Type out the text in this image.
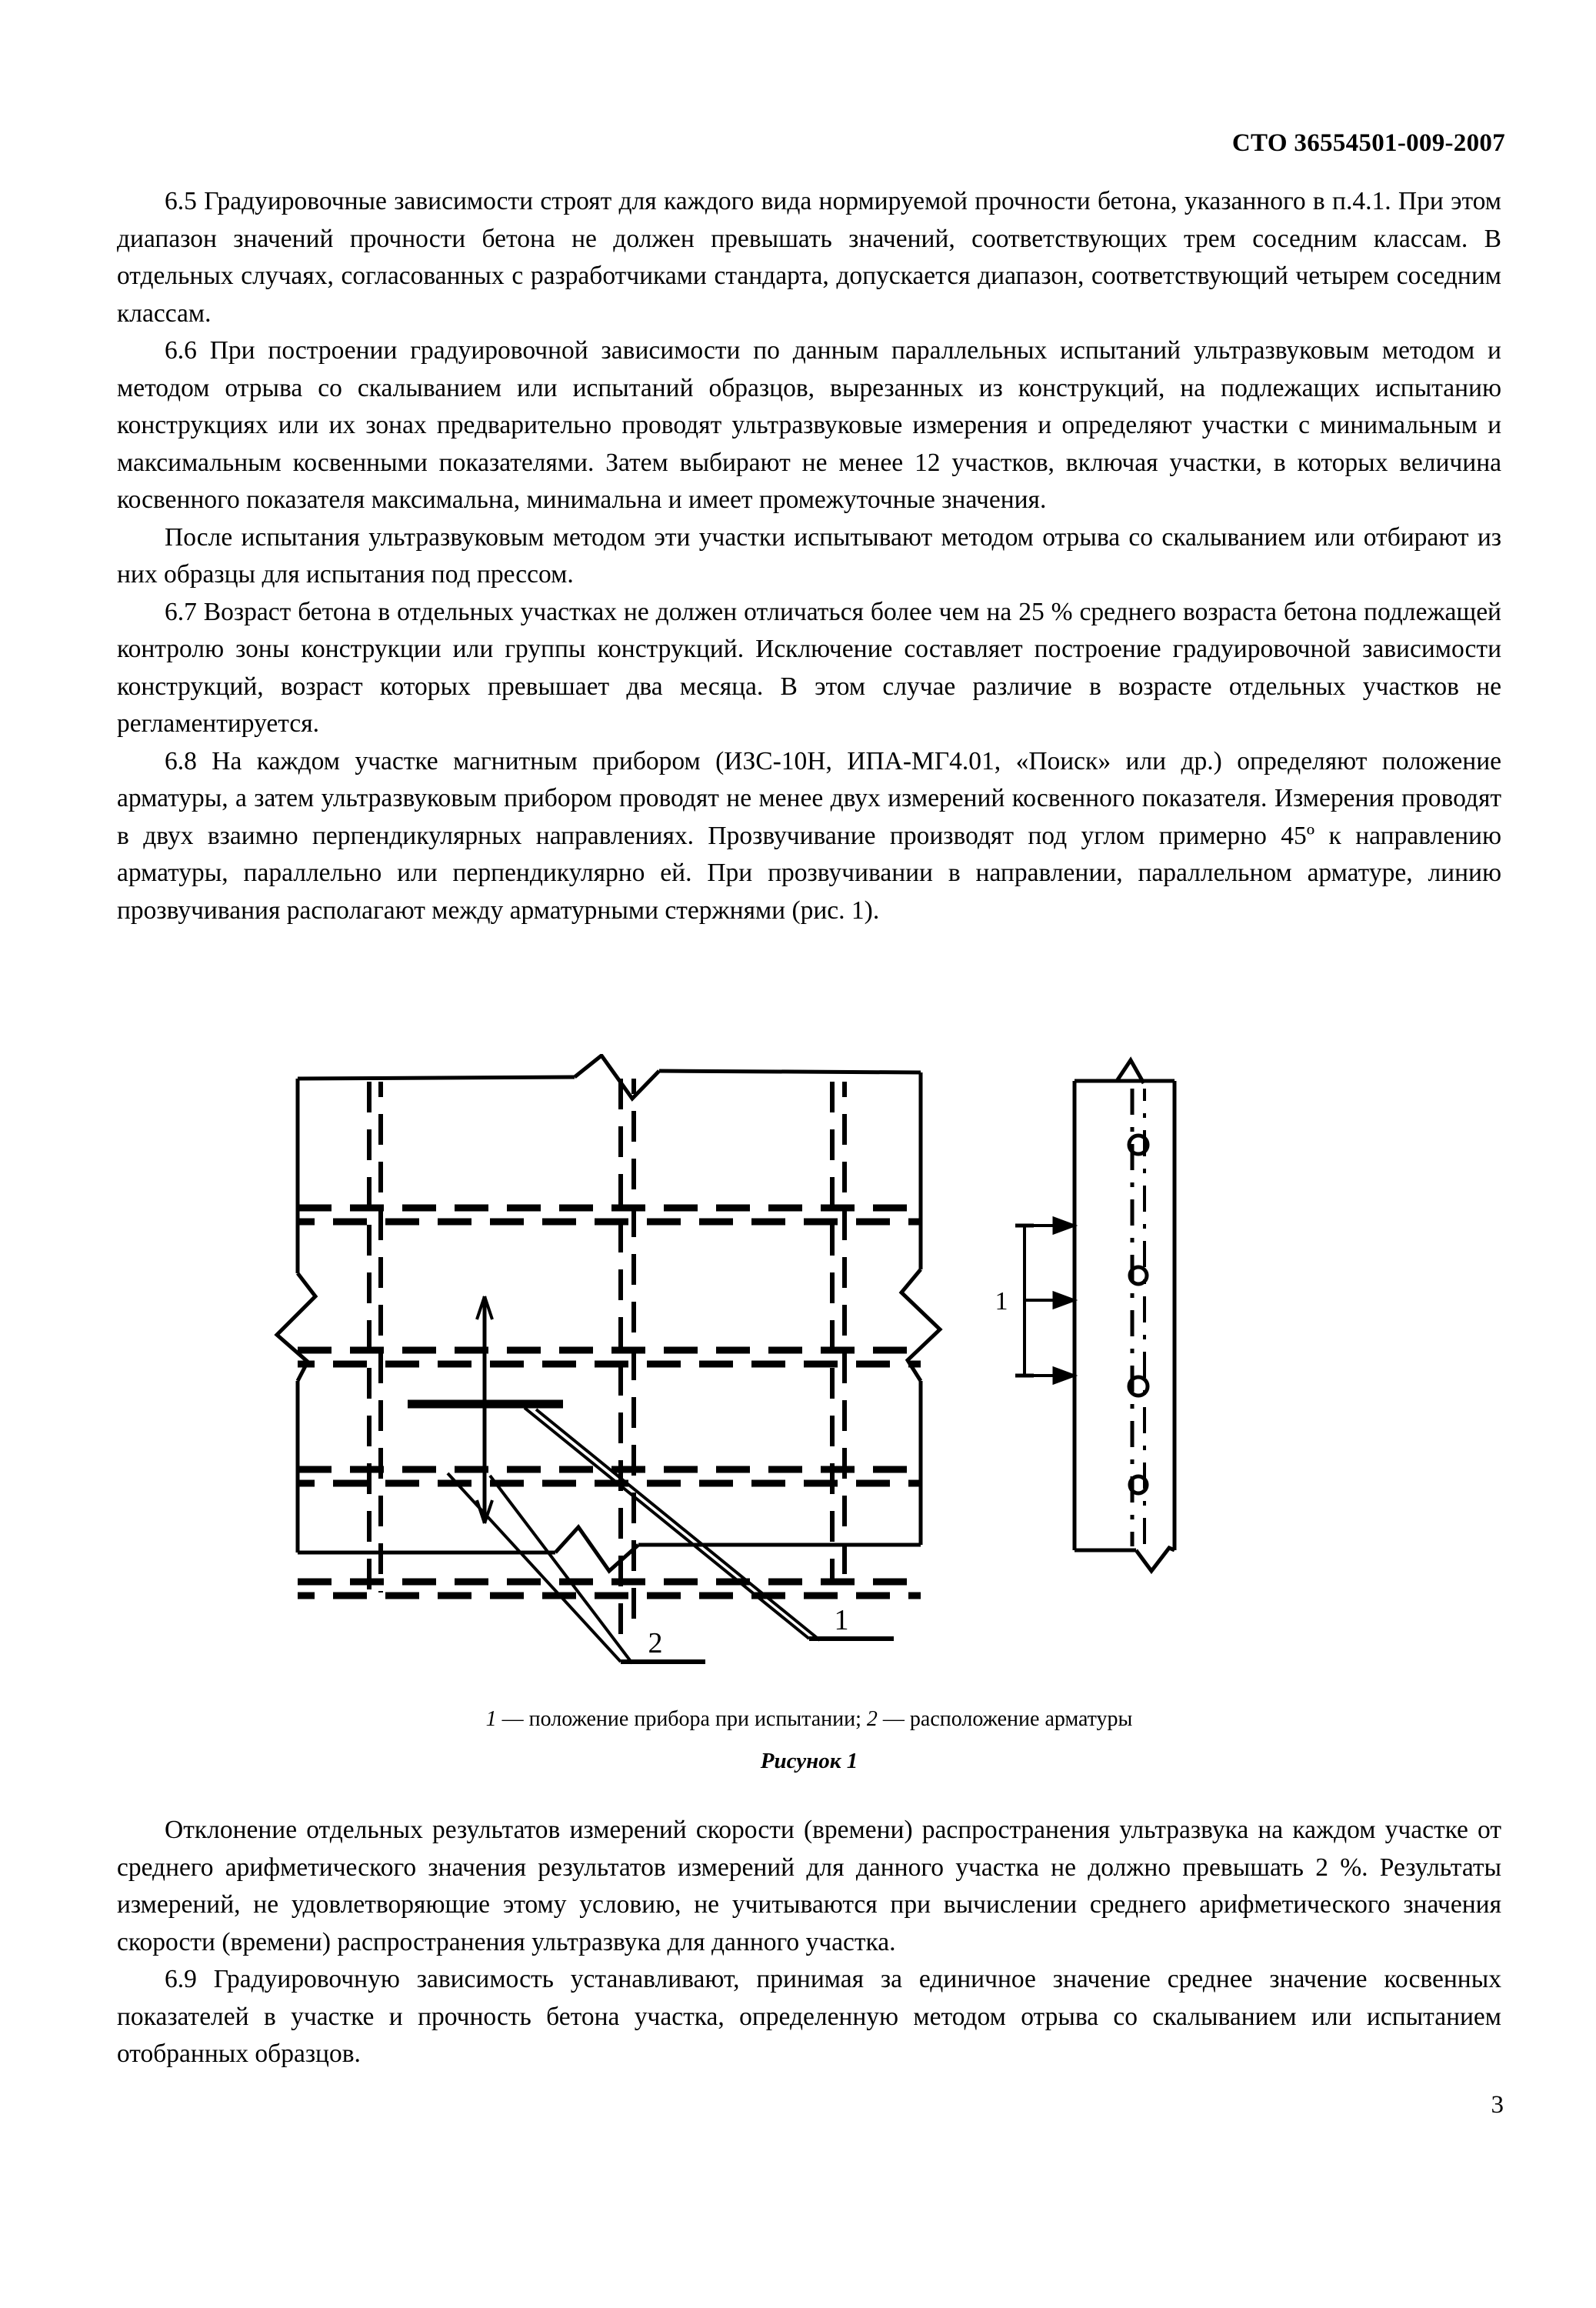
СТО 36554501-009-2007

6.5 Градуировочные зависимости строят для каждого вида нормируемой прочности бетона, указанного в п.4.1. При этом диапазон значений прочности бетона не должен превышать значений, соответствующих трем соседним классам. В отдельных случаях, согласованных с разработчиками стандарта, допускается диапазон, соответствующий четырем соседним классам.

6.6 При построении градуировочной зависимости по данным параллельных испытаний ультразвуковым методом и методом отрыва со скалыванием или испытаний образцов, вырезанных из конструкций, на подлежащих испытанию конструкциях или их зонах предварительно проводят ультразвуковые измерения и определяют участки с минимальным и максимальным косвенными показателями. Затем выбирают не менее 12 участков, включая участки, в которых величина косвенного показателя максимальна, минимальна и имеет промежуточные значения.

После испытания ультразвуковым методом эти участки испытывают методом отрыва со скалыванием или отбирают из них образцы для испытания под прессом.

6.7 Возраст бетона в отдельных участках не должен отличаться более чем на 25 % среднего возраста бетона подлежащей контролю зоны конструкции или группы конструкций. Исключение составляет построение градуировочной зависимости конструкций, возраст которых превышает два месяца. В этом случае различие в возрасте отдельных участков не регламентируется.

6.8 На каждом участке магнитным прибором (ИЗС-10Н, ИПА-МГ4.01, «Поиск» или др.) определяют положение арматуры, а затем ультразвуковым прибором проводят не менее двух измерений косвенного показателя. Измерения проводят в двух взаимно перпендикулярных направлениях. Прозвучивание производят под углом примерно 45º к направлению арматуры, параллельно или перпендикулярно ей. При прозвучивании в направлении, параллельном арматуре, линию прозвучивания располагают между арматурными стержнями (рис. 1).

1
1
2
1 — положение прибора при испытании; 2 — расположение арматуры
Рисунок 1

Отклонение отдельных результатов измерений скорости (времени) распространения ультразвука на каждом участке от среднего арифметического значения результатов измерений для данного участка не должно превышать 2 %. Результаты измерений, не удовлетворяющие этому условию, не учитываются при вычислении среднего арифметического значения скорости (времени) распространения ультразвука для данного участка.

6.9 Градуировочную зависимость устанавливают, принимая за единичное значение среднее значение косвенных показателей в участке и прочность бетона участка, определенную методом отрыва со скалыванием или испытанием отобранных образцов.

3
